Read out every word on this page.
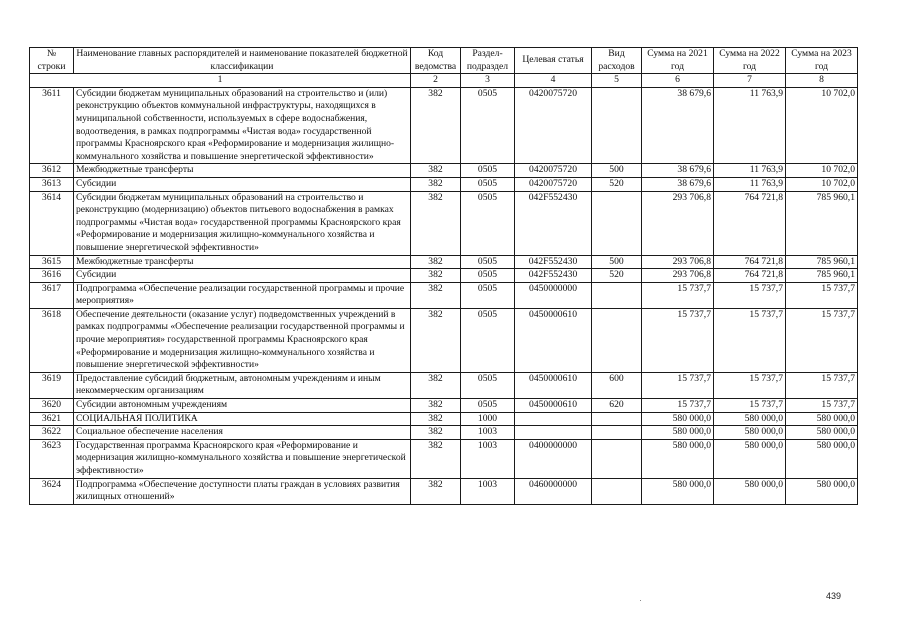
№ строки	Наименование главных распорядителей и наименование показателей бюджетной классификации	Код ведомства	Раздел-подраздел	Целевая статья	Вид расходов	Сумма на 2021 год	Сумма на 2022 год	Сумма на 2023 год
1		2	3	4	5	6	7	8
3611	Субсидии бюджетам муниципальных образований на строительство и (или) реконструкцию объектов коммунальной инфраструктуры, находящихся в муниципальной собственности, используемых в сфере водоснабжения, водоотведения, в рамках подпрограммы «Чистая вода» государственной программы Красноярского края «Реформирование и модернизация жилищно-коммунального хозяйства и повышение энергетической эффективности»	382	0505	0420075720		38 679,6	11 763,9	10 702,0
3612	Межбюджетные трансферты	382	0505	0420075720	500	38 679,6	11 763,9	10 702,0
3613	Субсидии	382	0505	0420075720	520	38 679,6	11 763,9	10 702,0
3614	Субсидии бюджетам муниципальных образований на строительство и реконструкцию (модернизацию) объектов питьевого водоснабжения в рамках подпрограммы «Чистая вода» государственной программы Красноярского края «Реформирование и модернизация жилищно-коммунального хозяйства и повышение энергетической эффективности»	382	0505	042F552430		293 706,8	764 721,8	785 960,1
3615	Межбюджетные трансферты	382	0505	042F552430	500	293 706,8	764 721,8	785 960,1
3616	Субсидии	382	0505	042F552430	520	293 706,8	764 721,8	785 960,1
3617	Подпрограмма «Обеспечение реализации государственной программы и прочие мероприятия»	382	0505	0450000000		15 737,7	15 737,7	15 737,7
3618	Обеспечение деятельности (оказание услуг) подведомственных учреждений в рамках подпрограммы «Обеспечение реализации государственной программы и прочие мероприятия» государственной программы Красноярского края «Реформирование и модернизация жилищно-коммунального хозяйства и повышение энергетической эффективности»	382	0505	0450000610		15 737,7	15 737,7	15 737,7
3619	Предоставление субсидий бюджетным, автономным учреждениям и иным некоммерческим организациям	382	0505	0450000610	600	15 737,7	15 737,7	15 737,7
3620	Субсидии автономным учреждениям	382	0505	0450000610	620	15 737,7	15 737,7	15 737,7
3621	СОЦИАЛЬНАЯ ПОЛИТИКА	382	1000			580 000,0	580 000,0	580 000,0
3622	Социальное обеспечение населения	382	1003			580 000,0	580 000,0	580 000,0
3623	Государственная программа Красноярского края «Реформирование и модернизация жилищно-коммунального хозяйства и повышение энергетической эффективности»	382	1003	0400000000		580 000,0	580 000,0	580 000,0
3624	Подпрограмма «Обеспечение доступности платы граждан в условиях развития жилищных отношений»	382	1003	0460000000		580 000,0	580 000,0	580 000,0
439
